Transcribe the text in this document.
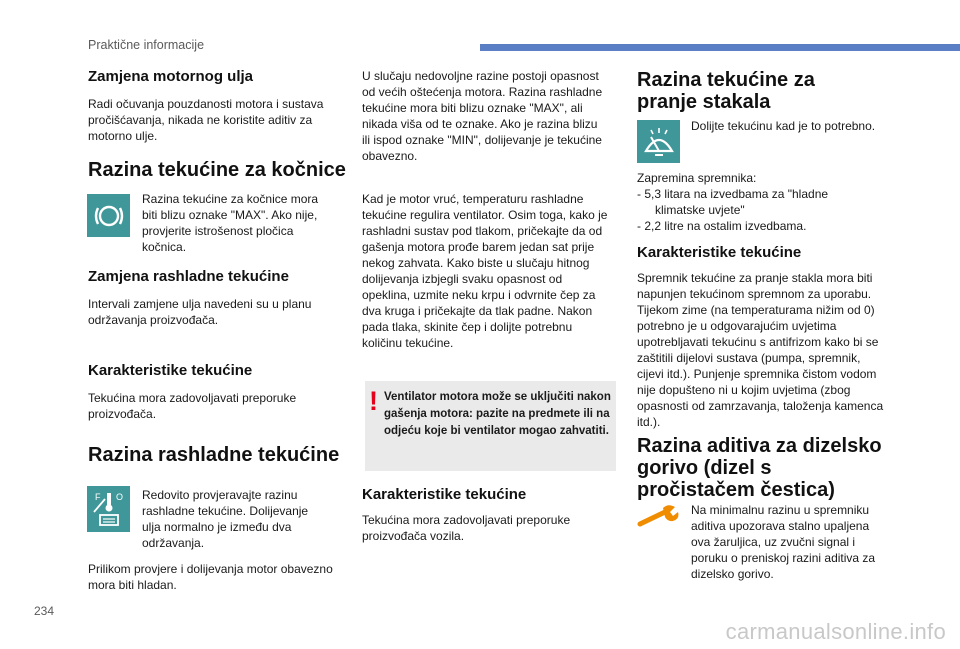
Praktične informacije
Zamjena motornog ulja

Radi očuvanja pouzdanosti motora i sustava pročišćavanja, nikada ne koristite aditiv za motorno ulje.

Razina tekućine za kočnice

Razina tekućine za kočnice mora biti blizu oznake "MAX". Ako nije, provjerite istrošenost pločica kočnica.

Zamjena rashladne tekućine

Intervali zamjene ulja navedeni su u planu održavanja proizvođača.

Karakteristike tekućine

Tekućina mora zadovoljavati preporuke proizvođača.

Razina rashladne tekućine
F O Redovito provjeravajte razinu rashladne tekućine. Dolijevanje ulja normalno je između dva održavanja.

Prilikom provjere i dolijevanja motor obavezno mora biti hladan.

U slučaju nedovoljne razine postoji opasnost od većih oštećenja motora. Razina rashladne tekućine mora biti blizu oznake "MAX", ali nikada viša od te oznake. Ako je razina blizu ili ispod oznake "MIN", dolijevanje je tekućine obavezno.

Kad je motor vruć, temperaturu rashladne tekućine regulira ventilator. Osim toga, kako je rashladni sustav pod tlakom, pričekajte da od gašenja motora prođe barem jedan sat prije nekog zahvata. Kako biste u slučaju hitnog dolijevanja izbjegli svaku opasnost od opeklina, uzmite neku krpu i odvrnite čep za dva kruga i pričekajte da tlak padne. Nakon pada tlaka, skinite čep i dolijte potrebnu količinu tekućine.

! Ventilator motora može se uključiti nakon gašenja motora: pazite na predmete ili na odjeću koje bi ventilator mogao zahvatiti.
Karakteristike tekućine

Tekućina mora zadovoljavati preporuke proizvođača vozila.

Razina tekućine za pranje stakala

Dolijte tekućinu kad je to potrebno.

Zapremina spremnika:

- 5,3 litara na izvedbama za "hladne klimatske uvjete"
- 2,2 litre na ostalim izvedbama.
Karakteristike tekućine

Spremnik tekućine za pranje stakla mora biti napunjen tekućinom spremnom za uporabu. Tijekom zime (na temperaturama nižim od 0) potrebno je u odgovarajućim uvjetima upotrebljavati tekućinu s antifrizom kako bi se zaštitili dijelovi sustava (pumpa, spremnik, cijevi itd.). Punjenje spremnika čistom vodom nije dopušteno ni u kojim uvjetima (zbog opasnosti od zamrzavanja, taloženja kamenca itd.).

Razina aditiva za dizelsko gorivo (dizel s pročistačem čestica)

Na minimalnu razinu u spremniku aditiva upozorava stalno upaljena ova žaruljica, uz zvučni signal i poruku o preniskoj razini aditiva za dizelsko gorivo.

234
carmanualsonline.info
